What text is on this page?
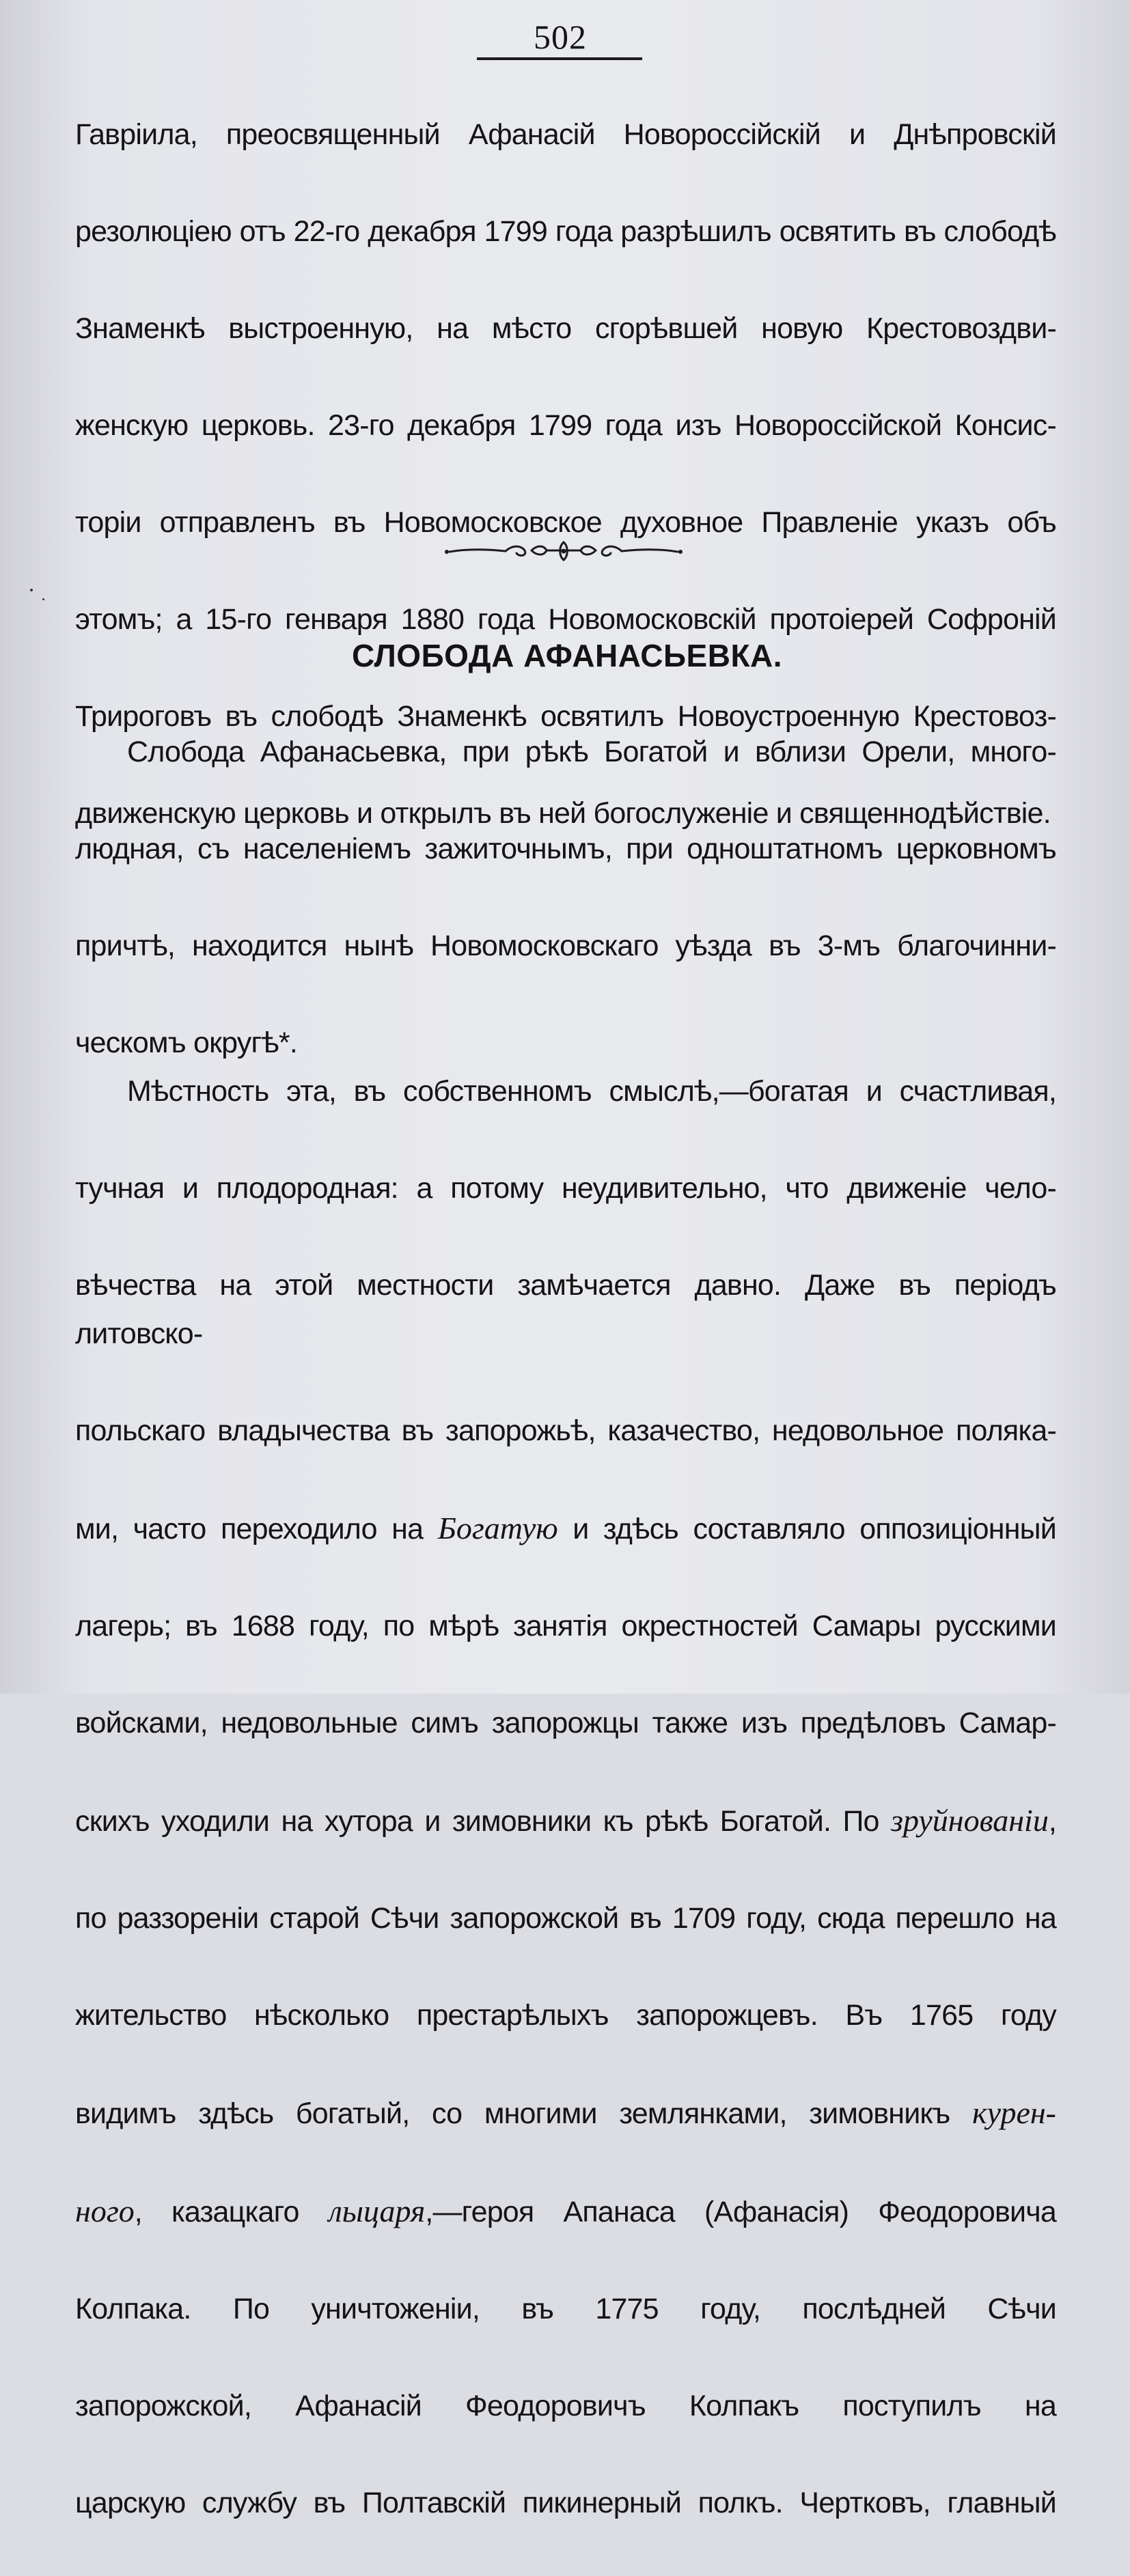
502

Гавріила, преосвященный Афанасій Новороссійскій и Днѣпровскій

резолюціею отъ 22-го декабря 1799 года разрѣшилъ освятить въ слободѣ

Знаменкѣ выстроенную, на мѣсто сгорѣвшей новую Крестовоздви-

женскую церковь. 23-го декабря 1799 года изъ Новороссійской Консис-

торіи отправленъ въ Новомосковское духовное Правленіе указъ объ

этомъ; а 15-го генваря 1880 года Новомосковскій протоіерей Софроній

Трироговъ въ слободѣ Знаменкѣ освятилъ Новоустроенную Крестовоз-

движенскую церковь и открылъ въ ней богослуженіе и священнодѣйствіе.

СЛОБОДА АФАНАСЬЕВКА.

Слобода Афанасьевка, при рѣкѣ Богатой и вблизи Орели, много-

людная, съ населеніемъ зажиточнымъ, при одноштатномъ церковномъ

причтѣ, находится нынѣ Новомосковскаго уѣзда въ 3-мъ благочинни-

ческомъ округѣ*.

Мѣстность эта, въ собственномъ смыслѣ,—богатая и счастливая,

тучная и плодородная: а потому неудивительно, что движеніе чело-

вѣчества на этой местности замѣчается давно. Даже въ періодъ литовско-

польскаго владычества въ запорожьѣ, казачество, недовольное поляка-

ми, часто переходило на Богатую и здѣсь составляло оппозиціонный

лагерь; въ 1688 году, по мѣрѣ занятія окрестностей Самары русскими

войсками, недовольные симъ запорожцы также изъ предѣловъ Самар-

скихъ уходили на хутора и зимовники къ рѣкѣ Богатой. По зруйнованіи,

по раззореніи старой Сѣчи запорожской въ 1709 году, сюда перешло на

жительство нѣсколько престарѣлыхъ запорожцевъ. Въ 1765 году

видимъ здѣсь богатый, со многими землянками, зимовникъ курен-

ного, казацкаго лыцаря,—героя Апанаса (Афанасія) Феодоровича

Колпака. По уничтоженіи, въ 1775 году, послѣдней Сѣчи

запорожской, Афанасій Феодоровичъ Колпакъ поступилъ на

царскую службу въ Полтавскій пикинерный полкъ. Чертковъ, главный
